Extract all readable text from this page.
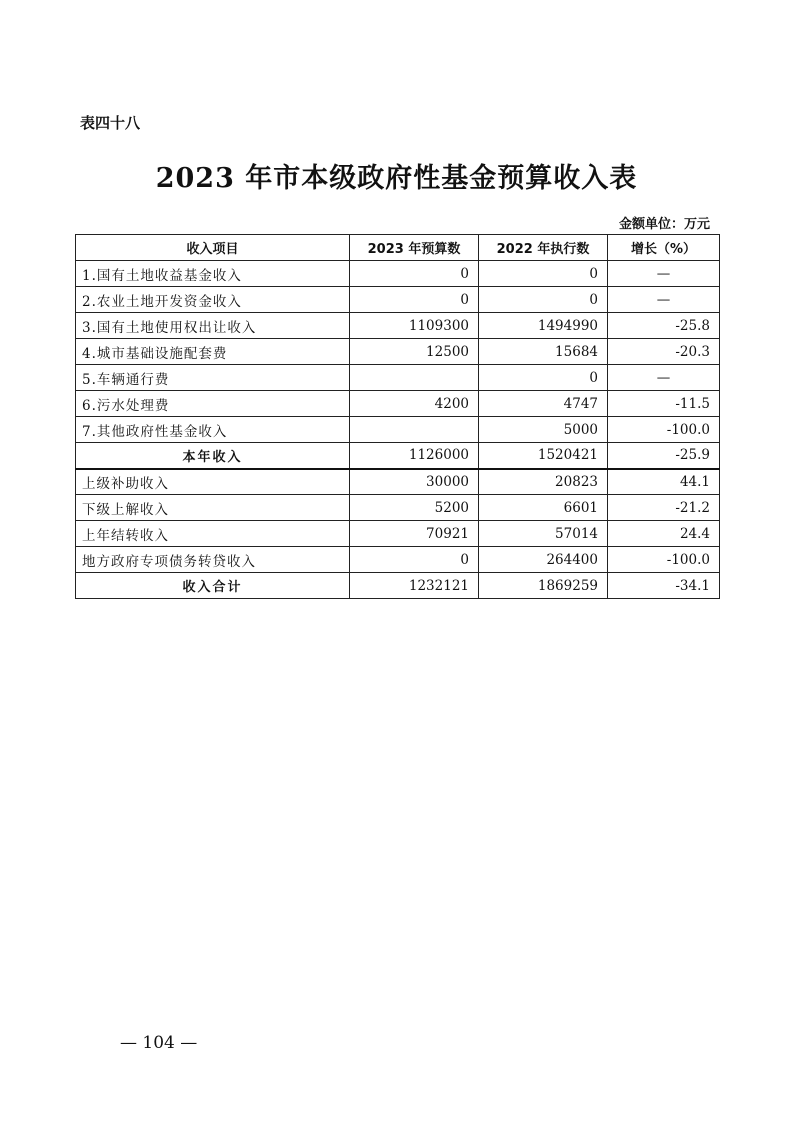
表四十八
2023 年市本级政府性基金预算收入表
金额单位：万元
收入项目	2023 年预算数	2022 年执行数	增长（%）
1.国有土地收益基金收入	0	0	—
2.农业土地开发资金收入	0	0	—
3.国有土地使用权出让收入	1109300	1494990	-25.8
4.城市基础设施配套费	12500	15684	-20.3
5.车辆通行费		0	—
6.污水处理费	4200	4747	-11.5
7.其他政府性基金收入		5000	-100.0
本年收入	1126000	1520421	-25.9
上级补助收入	30000	20823	44.1
下级上解收入	5200	6601	-21.2
上年结转收入	70921	57014	24.4
地方政府专项债务转贷收入	0	264400	-100.0
收入合计	1232121	1869259	-34.1
— 104 —
